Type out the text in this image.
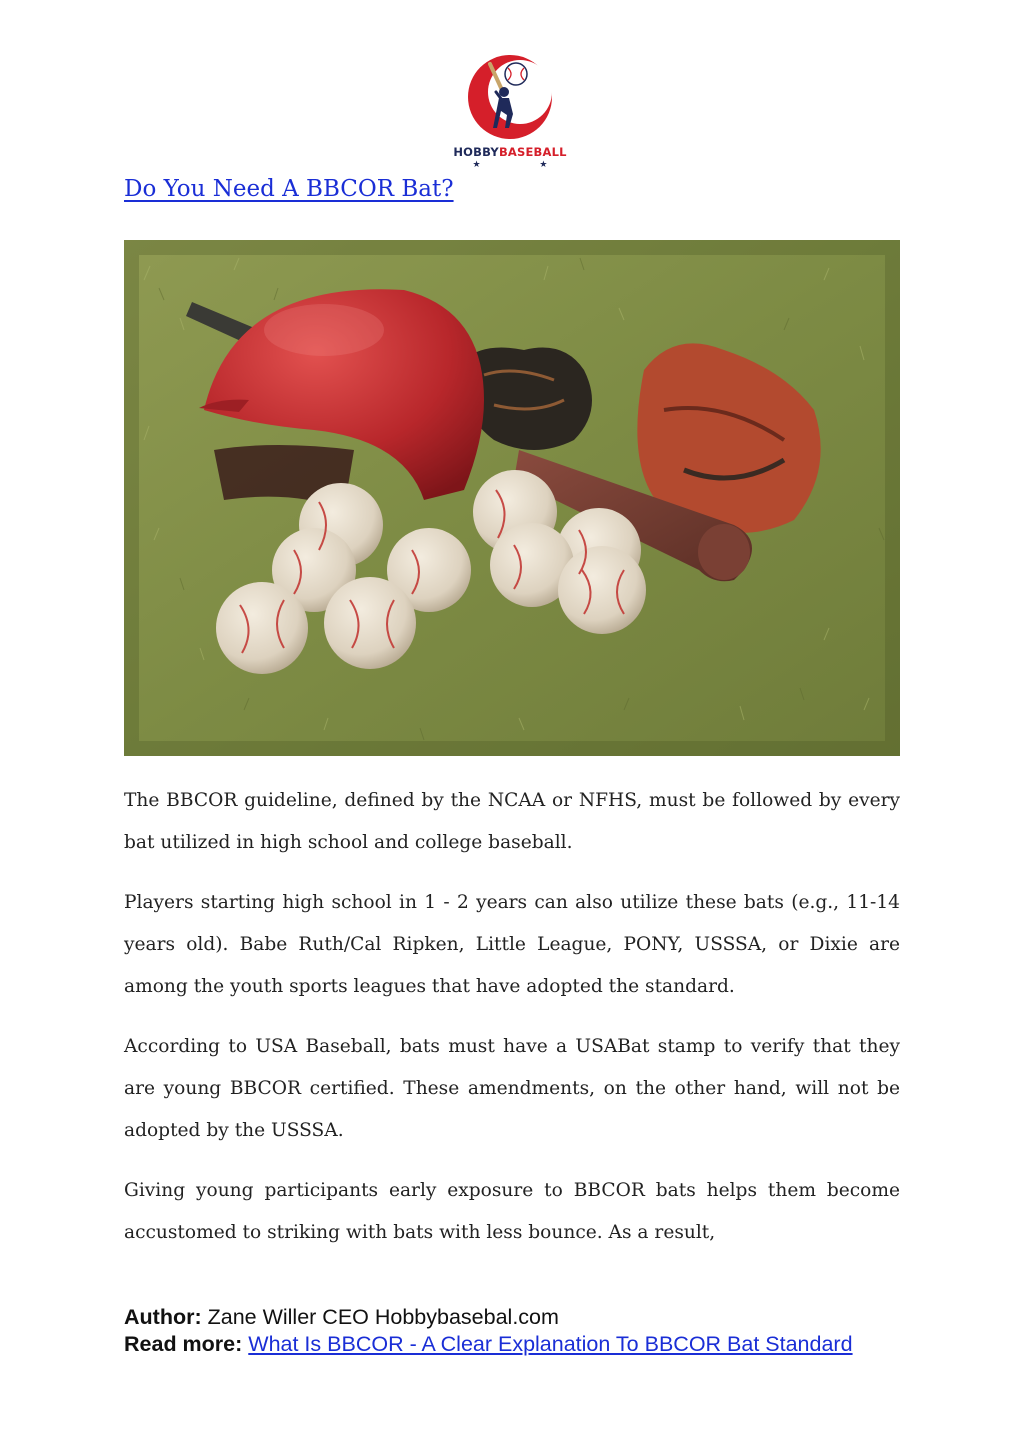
HOBBYBASEBALL
★ ★
Do You Need A BBCOR Bat?

The BBCOR guideline, defined by the NCAA or NFHS, must be followed by every bat utilized in high school and college baseball.

Players starting high school in 1 - 2 years can also utilize these bats (e.g., 11-14 years old). Babe Ruth/Cal Ripken, Little League, PONY, USSSA, or Dixie are among the youth sports leagues that have adopted the standard.

According to USA Baseball, bats must have a USABat stamp to verify that they are young BBCOR certified. These amendments, on the other hand, will not be adopted by the USSSA.

Giving young participants early exposure to BBCOR bats helps them become accustomed to striking with bats with less bounce. As a result,

Author: Zane Willer CEO Hobbybasebal.com
Read more: What Is BBCOR - A Clear Explanation To BBCOR Bat Standard
